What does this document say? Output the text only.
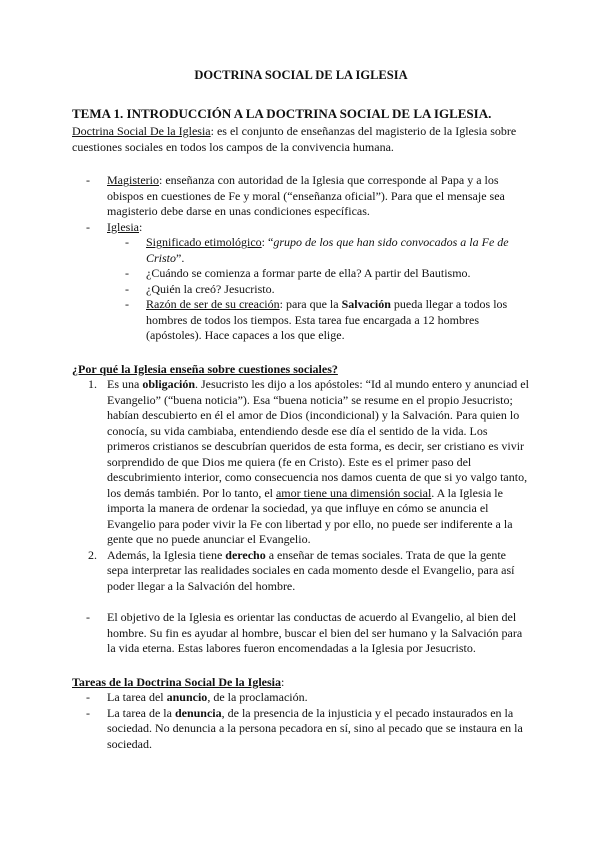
DOCTRINA SOCIAL DE LA IGLESIA

TEMA 1. INTRODUCCIÓN A LA DOCTRINA SOCIAL DE LA IGLESIA.

Doctrina Social De la Iglesia: es el conjunto de enseñanzas del magisterio de la Iglesia sobre cuestiones sociales en todos los campos de la convivencia humana.

- Magisterio: enseñanza con autoridad de la Iglesia que corresponde al Papa y a los obispos en cuestiones de Fe y moral (“enseñanza oficial”). Para que el mensaje sea magisterio debe darse en unas condiciones específicas.
- Iglesia:
- Significado etimológico: “grupo de los que han sido convocados a la Fe de Cristo”.
- ¿Cuándo se comienza a formar parte de ella? A partir del Bautismo.
- ¿Quién la creó? Jesucristo.
- Razón de ser de su creación: para que la Salvación pueda llegar a todos los hombres de todos los tiempos. Esta tarea fue encargada a 12 hombres (apóstoles). Hace capaces a los que elige.

¿Por qué la Iglesia enseña sobre cuestiones sociales?

1. Es una obligación. Jesucristo les dijo a los apóstoles: “Id al mundo entero y anunciad el Evangelio” (“buena noticia”). Esa “buena noticia” se resume en el propio Jesucristo; habían descubierto en él el amor de Dios (incondicional) y la Salvación. Para quien lo conocía, su vida cambiaba, entendiendo desde ese día el sentido de la vida. Los primeros cristianos se descubrían queridos de esta forma, es decir, ser cristiano es vivir sorprendido de que Dios me quiera (fe en Cristo). Este es el primer paso del descubrimiento interior, como consecuencia nos damos cuenta de que si yo valgo tanto, los demás también. Por lo tanto, el amor tiene una dimensión social. A la Iglesia le importa la manera de ordenar la sociedad, ya que influye en cómo se anuncia el Evangelio para poder vivir la Fe con libertad y por ello, no puede ser indiferente a la gente que no puede anunciar el Evangelio.
2. Además, la Iglesia tiene derecho a enseñar de temas sociales. Trata de que la gente sepa interpretar las realidades sociales en cada momento desde el Evangelio, para así poder llegar a la Salvación del hombre.
- El objetivo de la Iglesia es orientar las conductas de acuerdo al Evangelio, al bien del hombre. Su fin es ayudar al hombre, buscar el bien del ser humano y la Salvación para la vida eterna. Estas labores fueron encomendadas a la Iglesia por Jesucristo.

Tareas de la Doctrina Social De la Iglesia:

- La tarea del anuncio, de la proclamación.
- La tarea de la denuncia, de la presencia de la injusticia y el pecado instaurados en la sociedad. No denuncia a la persona pecadora en sí, sino al pecado que se instaura en la sociedad.
